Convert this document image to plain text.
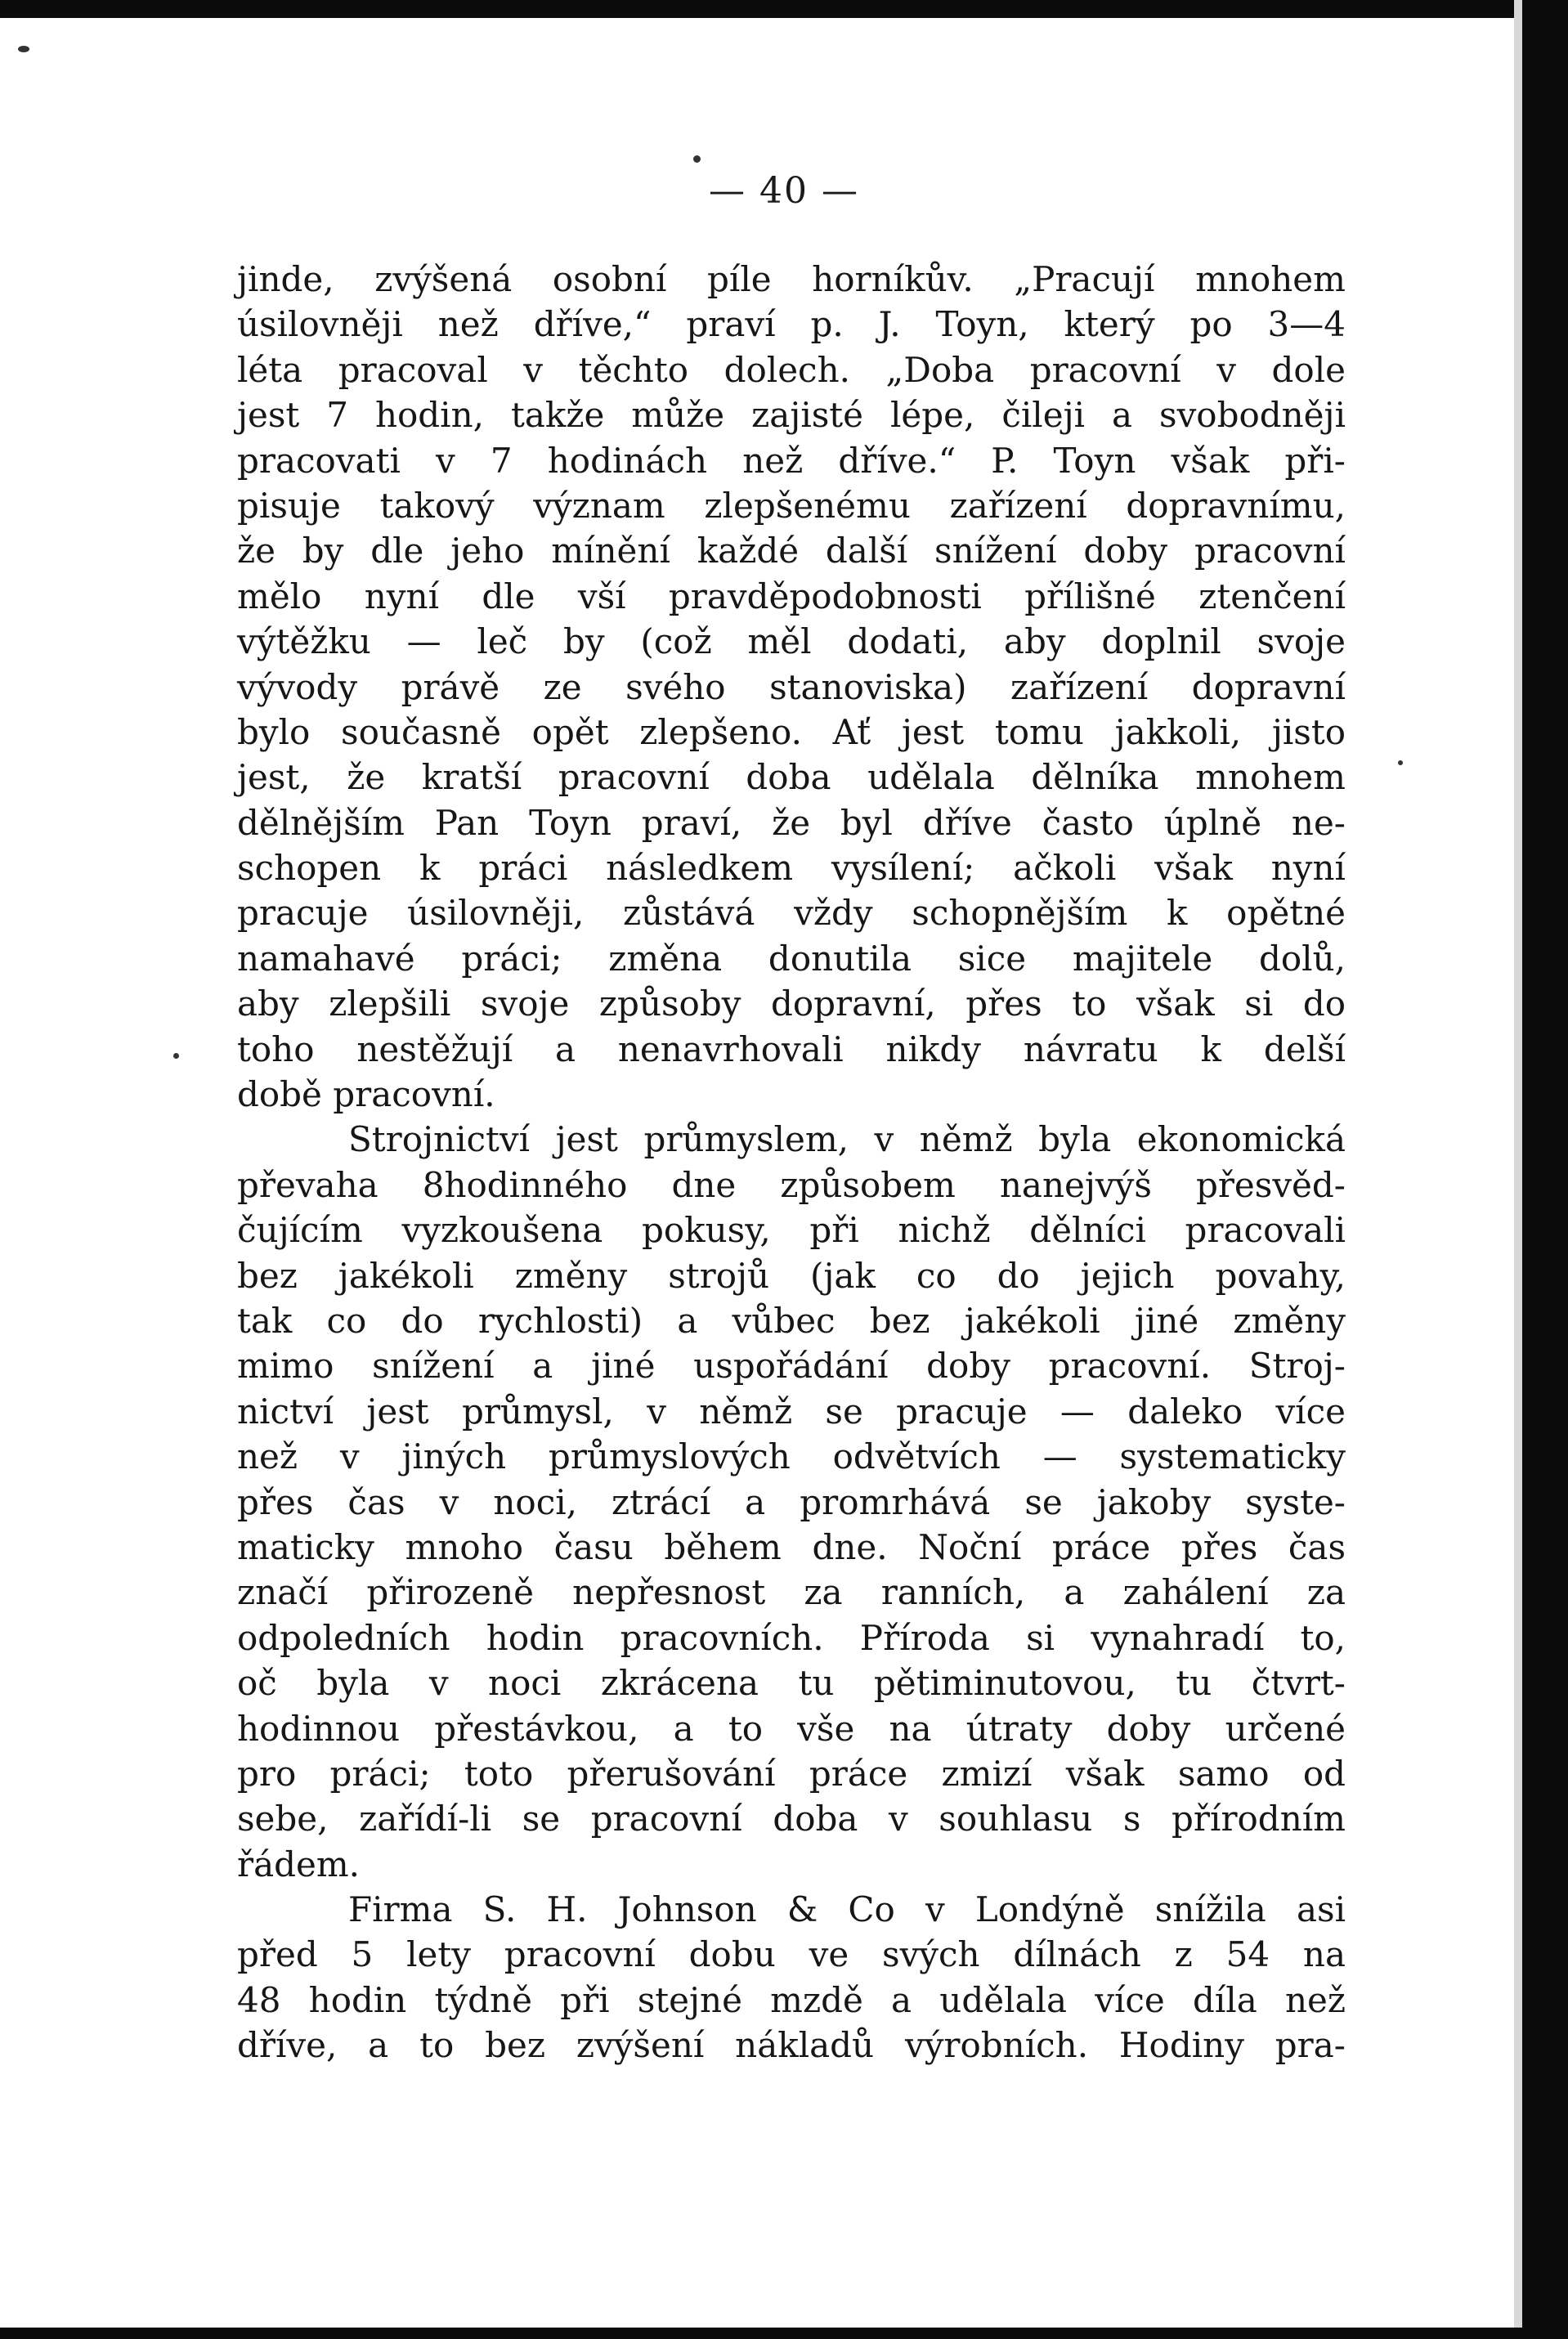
— 40 —
jinde, zvýšená osobní píle horníkův. „Pracují mnohem
úsilovněji než dříve,“ praví p. J. Toyn, který po 3—4
léta pracoval v těchto dolech. „Doba pracovní v dole
jest 7 hodin, takže může zajisté lépe, čileji a svobodněji
pracovati v 7 hodinách než dříve.“ P. Toyn však při-
pisuje takový význam zlepšenému zařízení dopravnímu,
že by dle jeho mínění každé další snížení doby pracovní
mělo nyní dle vší pravděpodobnosti přílišné ztenčení
výtěžku — leč by (což měl dodati, aby doplnil svoje
vývody právě ze svého stanoviska) zařízení dopravní
bylo současně opět zlepšeno. Ať jest tomu jakkoli, jisto
jest, že kratší pracovní doba udělala dělníka mnohem
dělnějším Pan Toyn praví, že byl dříve často úplně ne-
schopen k práci následkem vysílení; ačkoli však nyní
pracuje úsilovněji, zůstává vždy schopnějším k opětné
namahavé práci; změna donutila sice majitele dolů,
aby zlepšili svoje způsoby dopravní, přes to však si do
toho nestěžují a nenavrhovali nikdy návratu k delší
době pracovní.
Strojnictví jest průmyslem, v němž byla ekonomická
převaha 8hodinného dne způsobem nanejvýš přesvěd-
čujícím vyzkoušena pokusy, při nichž dělníci pracovali
bez jakékoli změny strojů (jak co do jejich povahy,
tak co do rychlosti) a vůbec bez jakékoli jiné změny
mimo snížení a jiné uspořádání doby pracovní. Stroj-
nictví jest průmysl, v němž se pracuje — daleko více
než v jiných průmyslových odvětvích — systematicky
přes čas v noci, ztrácí a promrhává se jakoby syste-
maticky mnoho času během dne. Noční práce přes čas
značí přirozeně nepřesnost za ranních, a zahálení za
odpoledních hodin pracovních. Příroda si vynahradí to,
oč byla v noci zkrácena tu pětiminutovou, tu čtvrt-
hodinnou přestávkou, a to vše na útraty doby určené
pro práci; toto přerušování práce zmizí však samo od
sebe, zařídí-li se pracovní doba v souhlasu s přírodním
řádem.
Firma S. H. Johnson & Co v Londýně snížila asi
před 5 lety pracovní dobu ve svých dílnách z 54 na
48 hodin týdně při stejné mzdě a udělala více díla než
dříve, a to bez zvýšení nákladů výrobních. Hodiny pra-
